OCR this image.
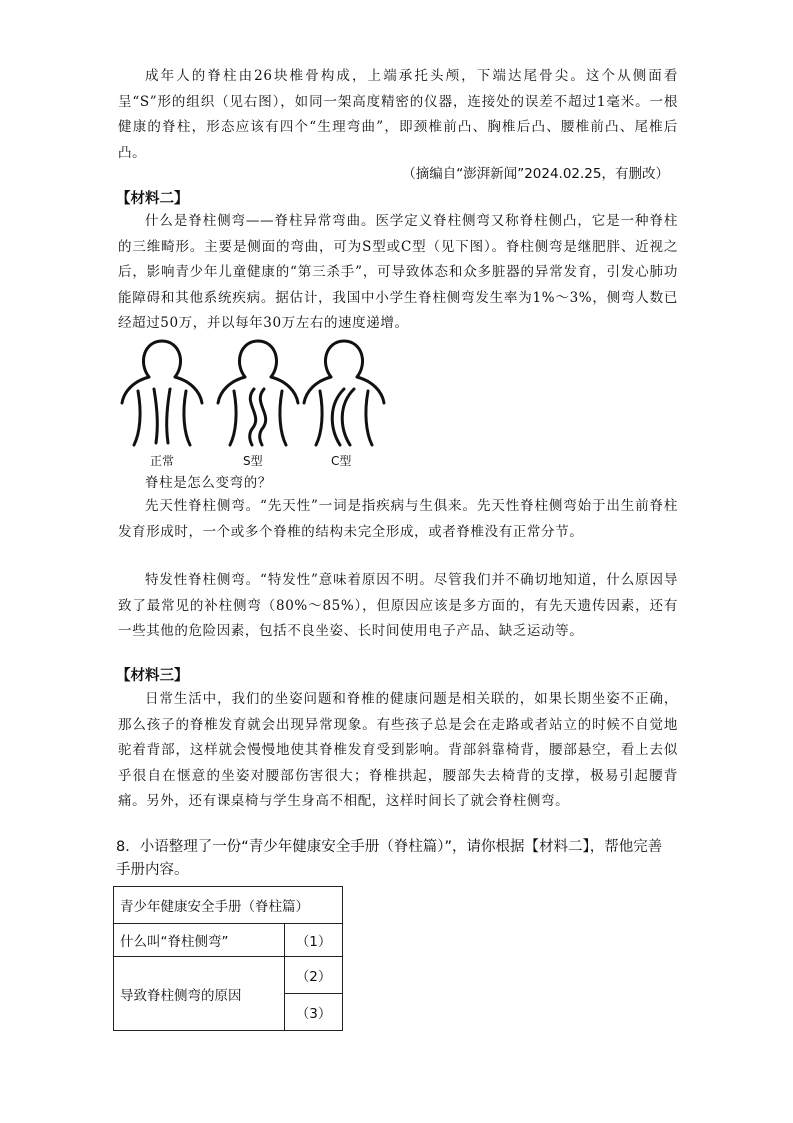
成年人的脊柱由26块椎骨构成，上端承托头颅，下端达尾骨尖。这个从侧面看呈“S”形的组织（见右图），如同一架高度精密的仪器，连接处的误差不超过1毫米。一根健康的脊柱，形态应该有四个“生理弯曲”，即颈椎前凸、胸椎后凸、腰椎前凸、尾椎后凸。
（摘编自“澎湃新闻”2024.02.25，有删改）
【材料二】
什么是脊柱侧弯——脊柱异常弯曲。医学定义脊柱侧弯又称脊柱侧凸，它是一种脊柱的三维畸形。主要是侧面的弯曲，可为S型或C型（见下图）。脊柱侧弯是继肥胖、近视之后，影响青少年儿童健康的“第三杀手”，可导致体态和众多脏器的异常发育，引发心肺功能障碍和其他系统疾病。据估计，我国中小学生脊柱侧弯发生率为1%～3%，侧弯人数已经超过50万，并以每年30万左右的速度递增。
正常	S型	C型
脊柱是怎么变弯的？
先天性脊柱侧弯。“先天性”一词是指疾病与生俱来。先天性脊柱侧弯始于出生前脊柱发育形成时，一个或多个脊椎的结构未完全形成，或者脊椎没有正常分节。
特发性脊柱侧弯。“特发性”意味着原因不明。尽管我们并不确切地知道，什么原因导致了最常见的补柱侧弯（80%～85%），但原因应该是多方面的，有先天遗传因素，还有一些其他的危险因素，包括不良坐姿、长时间使用电子产品、缺乏运动等。
【材料三】
日常生活中，我们的坐姿问题和脊椎的健康问题是相关联的，如果长期坐姿不正确，那么孩子的脊椎发育就会出现异常现象。有些孩子总是会在走路或者站立的时候不自觉地驼着背部，这样就会慢慢地使其脊椎发育受到影响。背部斜靠椅背，腰部悬空，看上去似乎很自在惬意的坐姿对腰部伤害很大；脊椎拱起，腰部失去椅背的支撑，极易引起腰背痛。另外，还有课桌椅与学生身高不相配，这样时间长了就会脊柱侧弯。
8．小语整理了一份“青少年健康安全手册（脊柱篇）”，请你根据【材料二】，帮他完善手册内容。
青少年健康安全手册（脊柱篇）	
什么叫“脊柱侧弯”	（1）
导致脊柱侧弯的原因	（2）
	（3）
